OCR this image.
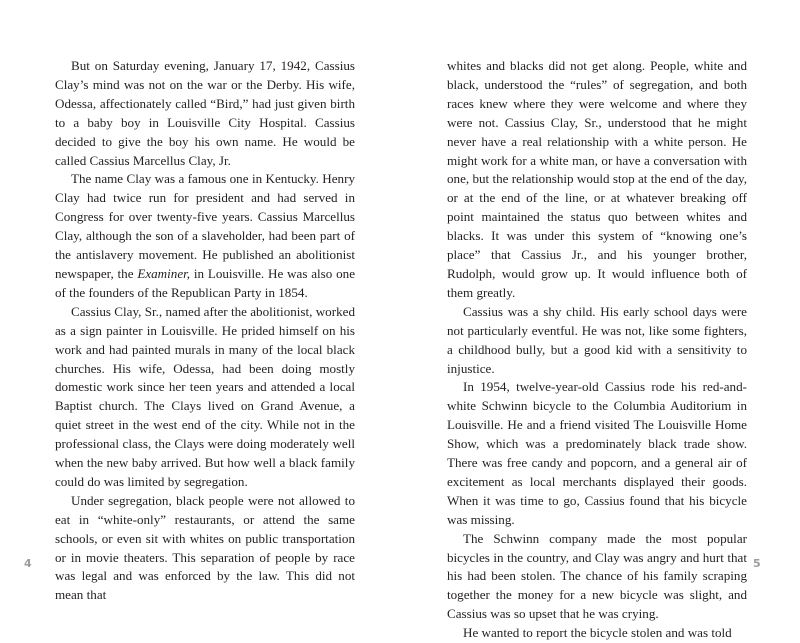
But on Saturday evening, January 17, 1942, Cassius Clay’s mind was not on the war or the Derby. His wife, Odessa, affectionately called “Bird,” had just given birth to a baby boy in Louisville City Hospital. Cassius decided to give the boy his own name. He would be called Cassius Marcellus Clay, Jr.

The name Clay was a famous one in Kentucky. Henry Clay had twice run for president and had served in Congress for over twenty-five years. Cassius Marcellus Clay, although the son of a slaveholder, had been part of the antislavery movement. He published an abolitionist newspaper, the Examiner, in Louisville. He was also one of the founders of the Republican Party in 1854.

Cassius Clay, Sr., named after the abolitionist, worked as a sign painter in Louisville. He prided himself on his work and had painted murals in many of the local black churches. His wife, Odessa, had been doing mostly domestic work since her teen years and attended a local Baptist church. The Clays lived on Grand Avenue, a quiet street in the west end of the city. While not in the professional class, the Clays were doing moderately well when the new baby arrived. But how well a black family could do was limited by segregation.

Under segregation, black people were not allowed to eat in “white-only” restaurants, or attend the same schools, or even sit with whites on public transportation or in movie theaters. This separation of people by race was legal and was enforced by the law. This did not mean that

4

whites and blacks did not get along. People, white and black, understood the “rules” of segregation, and both races knew where they were welcome and where they were not. Cassius Clay, Sr., understood that he might never have a real relationship with a white person. He might work for a white man, or have a conversation with one, but the relationship would stop at the end of the day, or at the end of the line, or at whatever breaking off point maintained the status quo between whites and blacks. It was under this system of “knowing one’s place” that Cassius Jr., and his younger brother, Rudolph, would grow up. It would influence both of them greatly.

Cassius was a shy child. His early school days were not particularly eventful. He was not, like some fighters, a childhood bully, but a good kid with a sensitivity to injustice.

In 1954, twelve-year-old Cassius rode his red-and-white Schwinn bicycle to the Columbia Auditorium in Louisville. He and a friend visited The Louisville Home Show, which was a predominately black trade show. There was free candy and popcorn, and a general air of excitement as local merchants displayed their goods. When it was time to go, Cassius found that his bicycle was missing.

The Schwinn company made the most popular bicycles in the country, and Clay was angry and hurt that his had been stolen. The chance of his family scraping together the money for a new bicycle was slight, and Cassius was so upset that he was crying.

He wanted to report the bicycle stolen and was told

5
